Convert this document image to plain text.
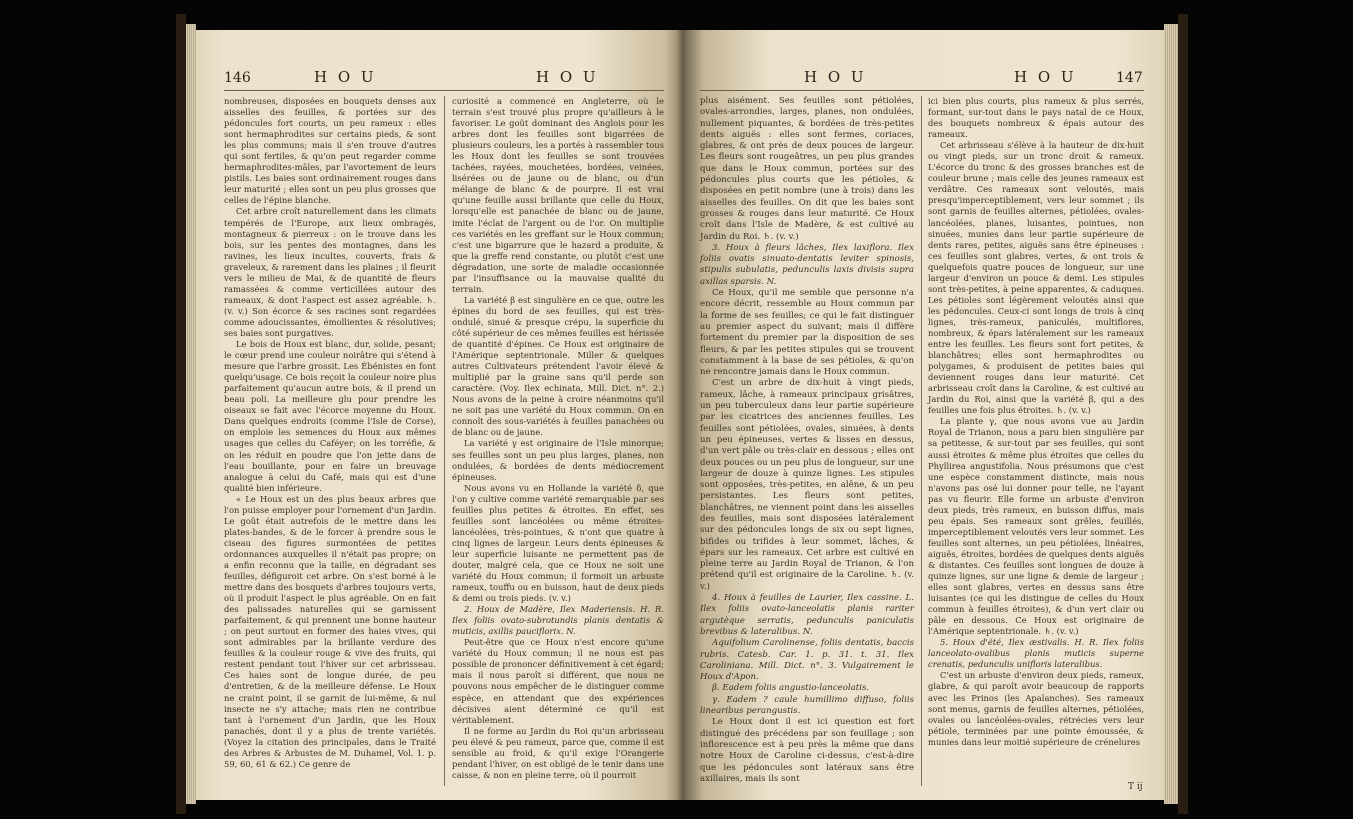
146	H O U	H O U

nombreuses, disposées en bouquets denses aux aisselles des feuilles, & portées sur des pédoncules fort courts, un peu rameux : elles sont hermaphrodites sur certains pieds, & sont les plus communs; mais il s'en trouve d'autres qui sont fertiles, & qu'on peut regarder comme hermaphrodites-mâles, par l'avortement de leurs pistils. Les baies sont ordinairement rouges dans leur maturité ; elles sont un peu plus grosses que celles de l'épine blanche.

Cet arbre croît naturellement dans les climats tempérés de l'Europe, aux lieux ombragés, montagneux & pierreux : on le trouve dans les bois, sur les pentes des montagnes, dans les ravines, les lieux incultes, couverts, frais & graveleux, & rarement dans les plaines ; il fleurit vers le milieu de Mai, & de quantité de fleurs ramassées & comme verticillées autour des rameaux, & dont l'aspect est assez agréable. ♄. (v. v.) Son écorce & ses racines sont regardées comme adoucissantes, émollientes & résolutives; ses baies sont purgatives.

Le bois de Houx est blanc, dur, solide, pesant; le cœur prend une couleur noirâtre qui s'étend à mesure que l'arbre grossit. Les Ébénistes en font quelqu'usage. Ce bois reçoit la couleur noire plus parfaitement qu'aucun autre bois, & il prend un beau poli. La meilleure glu pour prendre les oiseaux se fait avec l'écorce moyenne du Houx. Dans quelques endroits (comme l'Isle de Corse), on emploie les semences du Houx aux mêmes usages que celles du Caféyer; on les torréfie, & on les réduit en poudre que l'on jette dans de l'eau bouillante, pour en faire un breuvage analogue à celui du Café, mais qui est d'une qualité bien inférieure.

« Le Houx est un des plus beaux arbres que l'on puisse employer pour l'ornement d'un Jardin. Le goût était autrefois de le mettre dans les plates-bandes, & de le forcer à prendre sous le ciseau des figures surmontées de petites ordonnances auxquelles il n'était pas propre; on a enfin reconnu que la taille, en dégradant ses feuilles, défiguroit cet arbre. On s'est borné à le mettre dans des bosquets d'arbres toujours verts, où il produit l'aspect le plus agréable. On en fait des palissades naturelles qui se garnissent parfaitement, & qui prennent une bonne hauteur ; on peut surtout en former des haies vives, qui sont admirables par la brillante verdure des feuilles & la couleur rouge & vive des fruits, qui restent pendant tout l'hiver sur cet arbrisseau. Ces haies sont de longue durée, de peu d'entretien, & de la meilleure défense. Le Houx ne craint point, il se garnit de lui-même, & nul insecte ne s'y attache; mais rien ne contribue tant à l'ornement d'un Jardin, que les Houx panachés, dont il y a plus de trente variétés. (Voyez la citation des principales, dans le Traité des Arbres & Arbustes de M. Duhamel, Vol. 1. p. 59, 60, 61 & 62.) Ce genre de

curiosité a commencé en Angleterre, où le terrain s'est trouvé plus propre qu'ailleurs à le favoriser. Le goût dominant des Anglois pour les arbres dont les feuilles sont bigarrées de plusieurs couleurs, les a portés à rassembler tous les Houx dont les feuilles se sont trouvées tachées, rayées, mouchetées, bordées, veinées, lisérées ou de jaune ou de blanc, ou d'un mélange de blanc & de pourpre. Il est vrai qu'une feuille aussi brillante que celle du Houx, lorsqu'elle est panachée de blanc ou de jaune, imite l'éclat de l'argent ou de l'or. On multiplie ces variétés en les greffant sur le Houx commun; c'est une bigarrure que le hazard a produite, & que la greffe rend constante, ou plutôt c'est une dégradation, une sorte de maladie occasionnée par l'insuffisance ou la mauvaise qualité du terrain.

La variété β est singulière en ce que, outre les épines du bord de ses feuilles, qui est très-ondulé, sinué & presque crépu, la superficie du côté supérieur de ces mêmes feuilles est hérissée de quantité d'épines. Ce Houx est originaire de l'Amérique septentrionale. Miller & quelques autres Cultivateurs prétendent l'avoir élevé & multiplié par la graine sans qu'il perde son caractère. (Voy. Ilex echinata, Mill. Dict. n°. 2.) Nous avons de la peine à croire néanmoins qu'il ne soit pas une variété du Houx commun. On en connoît des sous-variétés à feuilles panachées ou de blanc ou de jaune.

La variété γ est originaire de l'Isle minorque; ses feuilles sont un peu plus larges, planes, non ondulées, & bordées de dents médiocrement épineuses.

Nous avons vu en Hollande la variété δ, que l'on y cultive comme variété remarquable par ses feuilles plus petites & étroites. En effet, ses feuilles sont lancéolées ou même étroites-lancéolées, très-pointues, & n'ont que quatre à cinq lignes de largeur. Leurs dents épineuses & leur superficie luisante ne permettent pas de douter, malgré cela, que ce Houx ne soit une variété du Houx commun; il formoit un arbuste rameux, touffu ou en buisson, haut de deux pieds & demi ou trois pieds. (v. v.)

2. Houx de Madère, Ilex Maderiensis. H. R. Ilex foliis ovato-subrotundis planis dentatis & muticis, axillis pauciflorix. N.

Peut-être que ce Houx n'est encore qu'une variété du Houx commun; il ne nous est pas possible de prononcer définitivement à cet égard; mais il nous paroît si différent, que nous ne pouvons nous empêcher de le distinguer comme espèce, en attendant que des expériences décisives aient déterminé ce qu'il est véritablement.

Il ne forme au Jardin du Roi qu'un arbrisseau peu élevé & peu rameux, parce que, comme il est sensible au froid, & qu'il exige l'Orangerie pendant l'hiver, on est obligé de le tenir dans une caisse, & non en pleine terre, où il pourroit

H O U	H O U	147

plus aisément. Ses feuilles sont pétiolées, ovales-arrondies, larges, planes, non ondulées, nullement piquantes, & bordées de très-petites dents aiguës : elles sont fermes, coriaces, glabres, & ont près de deux pouces de largeur. Les fleurs sont rougeâtres, un peu plus grandes que dans le Houx commun, portées sur des pédoncules plus courts que les pétioles, & disposées en petit nombre (une à trois) dans les aisselles des feuilles. On dit que les baies sont grosses & rouges dans leur maturité. Ce Houx croît dans l'Isle de Madère, & est cultivé au Jardin du Roi. ♄. (v. v.)

3. Houx à fleurs lâches, Ilex laxiflora. Ilex foliis ovatis sinuato-dentatis leviter spinosis, stipulis subulatis, pedunculis laxis divisis supra axillas sparsis. N.

Ce Houx, qu'il me semble que personne n'a encore décrit, ressemble au Houx commun par la forme de ses feuilles; ce qui le fait distinguer au premier aspect du suivant; mais il diffère fortement du premier par la disposition de ses fleurs, & par les petites stipules qui se trouvent constamment à la base de ses pétioles, & qu'on ne rencontre jamais dans le Houx commun.

C'est un arbre de dix-huit à vingt pieds, rameux, lâche, à rameaux principaux grisâtres, un peu tuberculeux dans leur partie supérieure par les cicatrices des anciennes feuilles. Les feuilles sont pétiolées, ovales, sinuées, à dents un peu épineuses, vertes & lisses en dessus, d'un vert pâle ou très-clair en dessous ; elles ont deux pouces ou un peu plus de longueur, sur une largeur de douze à quinze lignes. Les stipules sont opposées, très-petites, en alêne, & un peu persistantes. Les fleurs sont petites, blanchâtres, ne viennent point dans les aisselles des feuilles, mais sont disposées latéralement sur des pédoncules longs de six ou sept lignes, bifides ou trifides à leur sommet, lâches, & épars sur les rameaux. Cet arbre est cultivé en pleine terre au Jardin Royal de Trianon, & l'on prétend qu'il est originaire de la Caroline. ♄. (v. v.)

4. Houx à feuilles de Laurier, Ilex cassine. L. Ilex foliis ovato-lanceolatis planis rariter argutèque serratis, pedunculis paniculatis brevibus & lateralibus. N.

Aquifolium Carolinense, foliis dentatis, baccis rubris. Catesb. Car. 1. p. 31. t. 31. Ilex Caroliniana. Mill. Dict. n°. 3. Vulgairement le Houx d'Apon.

β. Eadem foliis angustio-lanceolatis.

γ. Eadem ? caule humillimo diffuso, foliis linearibus perangustis.

Le Houx dont il est ici question est fort distingué des précédens par son feuillage ; son inflorescence est à peu près la même que dans notre Houx de Caroline ci-dessus, c'est-à-dire que les pédoncules sont latéraux sans être axillaires, mais ils sont

ici bien plus courts, plus rameux & plus serrés, formant, sur-tout dans le pays natal de ce Houx, des bouquets nombreux & épais autour des rameaux.

Cet arbrisseau s'élève à la hauteur de dix-huit ou vingt pieds, sur un tronc droit & rameux. L'écorce du tronc & des grosses branches est de couleur brune ; mais celle des jeunes rameaux est verdâtre. Ces rameaux sont veloutés, mais presqu'imperceptiblement, vers leur sommet ; ils sont garnis de feuilles alternes, pétiolées, ovales-lancéolées, planes, luisantes, pointues, non sinuées, munies dans leur partie supérieure de dents rares, petites, aiguës sans être épineuses : ces feuilles sont glabres, vertes, & ont trois & quelquefois quatre pouces de longueur, sur une largeur d'environ un pouce & demi. Les stipules sont très-petites, à peine apparentes, & caduques. Les pétioles sont légèrement veloutés ainsi que les pédoncules. Ceux-ci sont longs de trois à cinq lignes, très-rameux, paniculés, multiflores, nombreux, & épars latéralement sur les rameaux entre les feuilles. Les fleurs sont fort petites, & blanchâtres; elles sont hermaphrodites ou polygames, & produisent de petites baies qui deviennent rouges dans leur maturité. Cet arbrisseau croît dans la Caroline, & est cultivé au Jardin du Roi, ainsi que la variété β, qui a des feuilles une fois plus étroites. ♄. (v. v.)

La plante γ, que nous avons vue au Jardin Royal de Trianon, nous a paru bien singulière par sa petitesse, & sur-tout par ses feuilles, qui sont aussi étroites & même plus étroites que celles du Phyllirea angustifolia. Nous présumons que c'est une espèce constamment distincte, mais nous n'avons pas osé lui donner pour telle, ne l'ayant pas vu fleurir. Elle forme un arbuste d'environ deux pieds, très rameux, en buisson diffus, mais peu épais. Ses rameaux sont grêles, feuillés, imperceptiblement veloutés vers leur sommet. Les feuilles sont alternes, un peu pétiolées, linéaires, aiguës, étroites, bordées de quelques dents aiguës & distantes. Ces feuilles sont longues de douze à quinze lignes, sur une ligne & demie de largeur ; elles sont glabres, vertes en dessus sans être luisantes (ce qui les distingue de celles du Houx commun à feuilles étroites), & d'un vert clair ou pâle en dessous. Ce Houx est originaire de l'Amérique septentrionale. ♄. (v. v.)

5. Houx d'été, Ilex æstivalis. H. R. Ilex foliis lanceolato-ovalibus planis muticis superne crenatis, pedunculis unifloris lateralibus.

C'est un arbuste d'environ deux pieds, rameux, glabre, & qui paroît avoir beaucoup de rapports avec les Prinos (les Apalanches). Ses rameaux sont menus, garnis de feuilles alternes, pétiolées, ovales ou lancéolées-ovales, rétrécies vers leur pétiole, terminées par une pointe émoussée, & munies dans leur moitié supérieure de crénelures

T ij
